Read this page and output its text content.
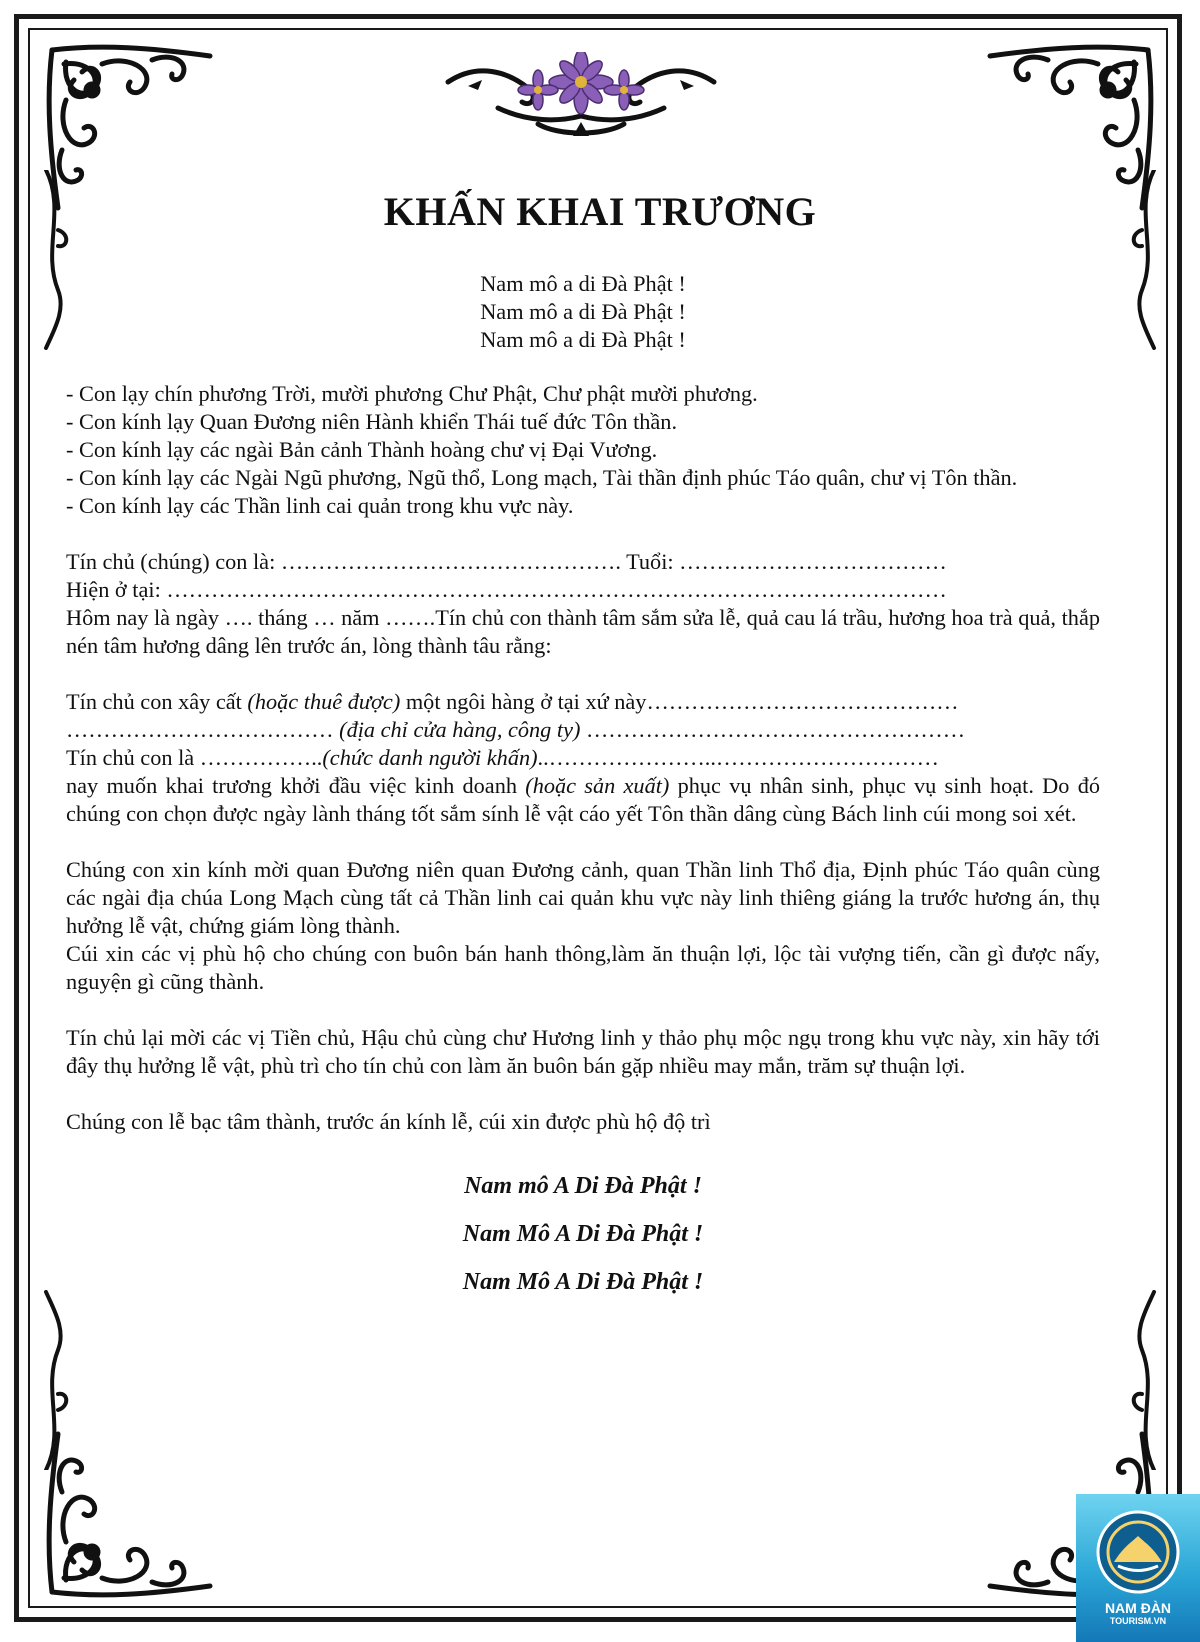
KHẤN KHAI TRƯƠNG
Nam mô a di Đà Phật !
Nam mô a di Đà Phật !
Nam mô a di Đà Phật !

- Con lạy chín phương Trời, mười phương Chư Phật, Chư phật mười phương.

- Con kính lạy Quan Đương niên Hành khiển Thái tuế đức Tôn thần.

- Con kính lạy các ngài Bản cảnh Thành hoàng chư vị Đại Vương.

- Con kính lạy các Ngài Ngũ phương, Ngũ thổ, Long mạch, Tài thần định phúc Táo quân, chư vị Tôn thần.

- Con kính lạy các Thần linh cai quản trong khu vực này.

Tín chủ (chúng) con là: ………………………………………. Tuổi: ………………………………

Hiện ở tại: ……………………………………………………………………………………………

Hôm nay là ngày …. tháng … năm …….Tín chủ con thành tâm sắm sửa lễ, quả cau lá trầu, hương hoa trà quả, thắp nén tâm hương dâng lên trước án, lòng thành tâu rằng:

Tín chủ con xây cất (hoặc thuê được) một ngôi hàng ở tại xứ này……………………………………

……………………………… (địa chỉ cửa hàng, công ty) ……………………………………………

Tín chủ con là ……………..(chức danh người khấn)..…………………..…………………………

nay muốn khai trương khởi đầu việc kinh doanh (hoặc sản xuất) phục vụ nhân sinh, phục vụ sinh hoạt. Do đó chúng con chọn được ngày lành tháng tốt sắm sính lễ vật cáo yết Tôn thần dâng cùng Bách linh cúi mong soi xét.

Chúng con xin kính mời quan Đương niên quan Đương cảnh, quan Thần linh Thổ địa, Định phúc Táo quân cùng các ngài địa chúa Long Mạch cùng tất cả Thần linh cai quản khu vực này linh thiêng giáng la trước hương án, thụ hưởng lễ vật, chứng giám lòng thành.

Cúi xin các vị phù hộ cho chúng con buôn bán hanh thông,làm ăn thuận lợi, lộc tài vượng tiến, cần gì được nấy, nguyện gì cũng thành.

Tín chủ lại mời các vị Tiền chủ, Hậu chủ cùng chư Hương linh y thảo phụ mộc ngụ trong khu vực này, xin hãy tới đây thụ hưởng lễ vật, phù trì cho tín chủ con làm ăn buôn bán gặp nhiều may mắn, trăm sự thuận lợi.

Chúng con lễ bạc tâm thành, trước án kính lễ, cúi xin được phù hộ độ trì

Nam mô A Di Đà Phật !
Nam Mô A Di Đà Phật !
Nam Mô A Di Đà Phật !
NAM ĐÀN
TOURISM.VN
